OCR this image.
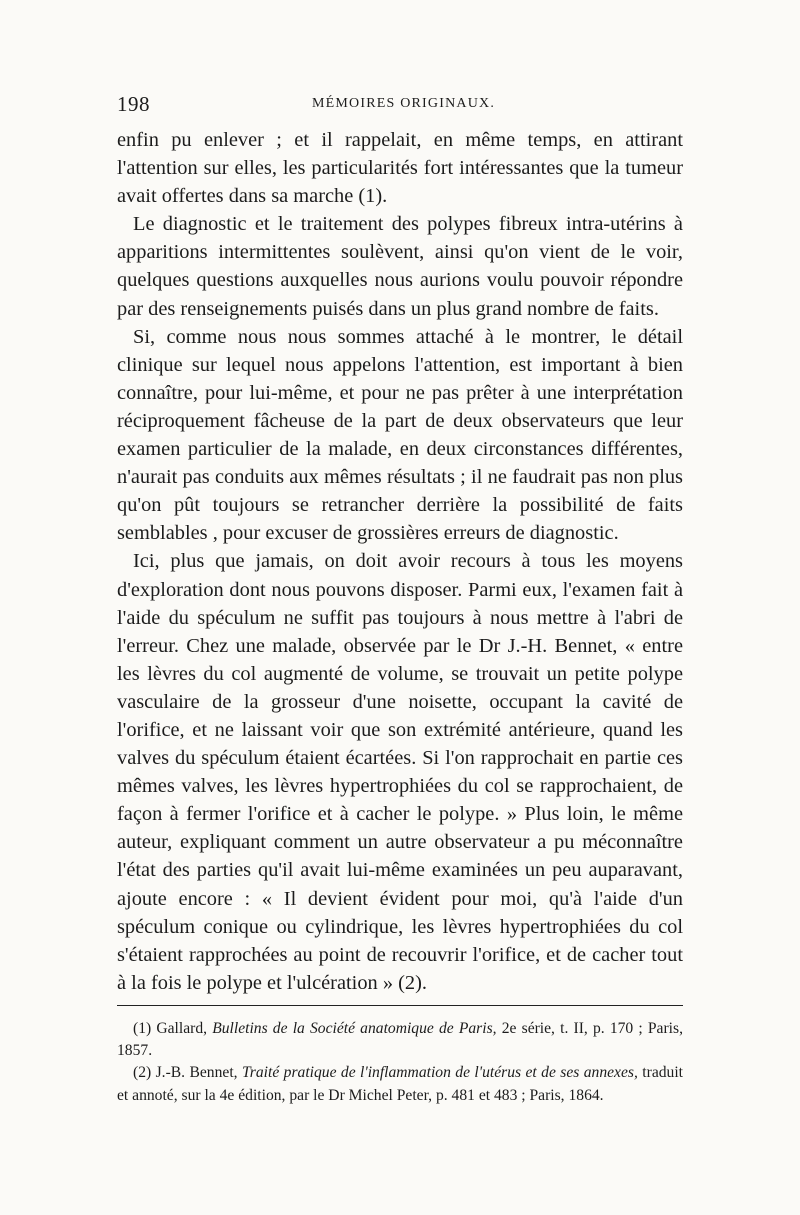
198	MÉMOIRES ORIGINAUX.

enfin pu enlever ; et il rappelait, en même temps, en attirant l'attention sur elles, les particularités fort intéressantes que la tumeur avait offertes dans sa marche (1).

Le diagnostic et le traitement des polypes fibreux intra-utérins à apparitions intermittentes soulèvent, ainsi qu'on vient de le voir, quelques questions auxquelles nous aurions voulu pouvoir répondre par des renseignements puisés dans un plus grand nombre de faits.

Si, comme nous nous sommes attaché à le montrer, le détail clinique sur lequel nous appelons l'attention, est important à bien connaître, pour lui-même, et pour ne pas prêter à une interprétation réciproquement fâcheuse de la part de deux observateurs que leur examen particulier de la malade, en deux circonstances différentes, n'aurait pas conduits aux mêmes résultats ; il ne faudrait pas non plus qu'on pût toujours se retrancher derrière la possibilité de faits semblables , pour excuser de grossières erreurs de diagnostic.

Ici, plus que jamais, on doit avoir recours à tous les moyens d'exploration dont nous pouvons disposer. Parmi eux, l'examen fait à l'aide du spéculum ne suffit pas toujours à nous mettre à l'abri de l'erreur. Chez une malade, observée par le Dr J.-H. Bennet, « entre les lèvres du col augmenté de volume, se trouvait un petite polype vasculaire de la grosseur d'une noisette, occupant la cavité de l'orifice, et ne laissant voir que son extrémité antérieure, quand les valves du spéculum étaient écartées. Si l'on rapprochait en partie ces mêmes valves, les lèvres hypertrophiées du col se rapprochaient, de façon à fermer l'orifice et à cacher le polype. » Plus loin, le même auteur, expliquant comment un autre observateur a pu méconnaître l'état des parties qu'il avait lui-même examinées un peu auparavant, ajoute encore : « Il devient évident pour moi, qu'à l'aide d'un spéculum conique ou cylindrique, les lèvres hypertrophiées du col s'étaient rapprochées au point de recouvrir l'orifice, et de cacher tout à la fois le polype et l'ulcération » (2).

(1) Gallard, Bulletins de la Société anatomique de Paris, 2e série, t. II, p. 170 ; Paris, 1857.

(2) J.-B. Bennet, Traité pratique de l'inflammation de l'utérus et de ses annexes, traduit et annoté, sur la 4e édition, par le Dr Michel Peter, p. 481 et 483 ; Paris, 1864.
